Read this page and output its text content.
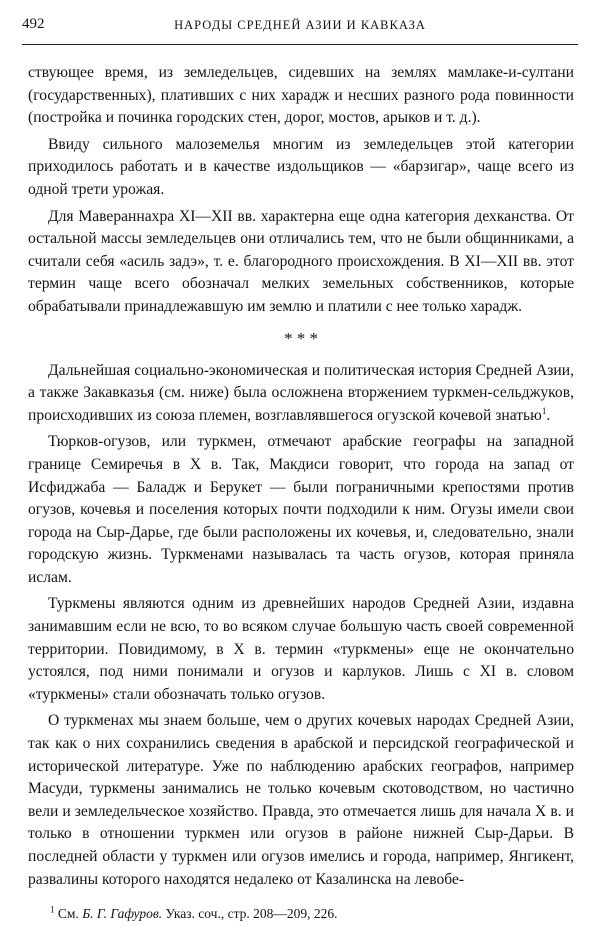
492	НАРОДЫ СРЕДНЕЙ АЗИИ И КАВКАЗА

ствующее время, из земледельцев, сидевших на землях мамлаке-и-султани (государственных), плативших с них харадж и несших разного рода повинности (постройка и починка городских стен, дорог, мостов, арыков и т. д.).

Ввиду сильного малоземелья многим из земледельцев этой категории приходилось работать и в качестве издольщиков — «барзигар», чаще всего из одной трети урожая.

Для Мавераннахра XI—XII вв. характерна еще одна категория дехканства. От остальной массы земледельцев они отличались тем, что не были общинниками, а считали себя «асиль задэ», т. е. благородного происхождения. В XI—XII вв. этот термин чаще всего обозначал мелких земельных собственников, которые обрабатывали принадлежавшую им землю и платили с нее только харадж.

* * *

Дальнейшая социально-экономическая и политическая история Средней Азии, а также Закавказья (см. ниже) была осложнена вторжением туркмен-сельджуков, происходивших из союза племен, возглавлявшегося огузской кочевой знатью$^1$.

Тюрков-огузов, или туркмен, отмечают арабские географы на западной границе Семиречья в X в. Так, Макдиси говорит, что города на запад от Исфиджаба — Баладж и Берукет — были пограничными крепостями против огузов, кочевья и поселения которых почти подходили к ним. Огузы имели свои города на Сыр-Дарье, где были расположены их кочевья, и, следовательно, знали городскую жизнь. Туркменами называлась та часть огузов, которая приняла ислам.

Туркмены являются одним из древнейших народов Средней Азии, издавна занимавшим если не всю, то во всяком случае большую часть своей современной территории. Повидимому, в X в. термин «туркмены» еще не окончательно устоялся, под ними понимали и огузов и карлуков. Лишь с XI в. словом «туркмены» стали обозначать только огузов.

О туркменах мы знаем больше, чем о других кочевых народах Средней Азии, так как о них сохранились сведения в арабской и персидской географической и исторической литературе. Уже по наблюдению арабских географов, например Масуди, туркмены занимались не только кочевым скотоводством, но частично вели и земледельческое хозяйство. Правда, это отмечается лишь для начала X в. и только в отношении туркмен или огузов в районе нижней Сыр-Дарьи. В последней области у туркмен или огузов имелись и города, например, Янгикент, развалины которого находятся недалеко от Казалинска на левобе-

$^1$ См. Б. Г. Гафуров. Указ. соч., стр. 208—209, 226.
